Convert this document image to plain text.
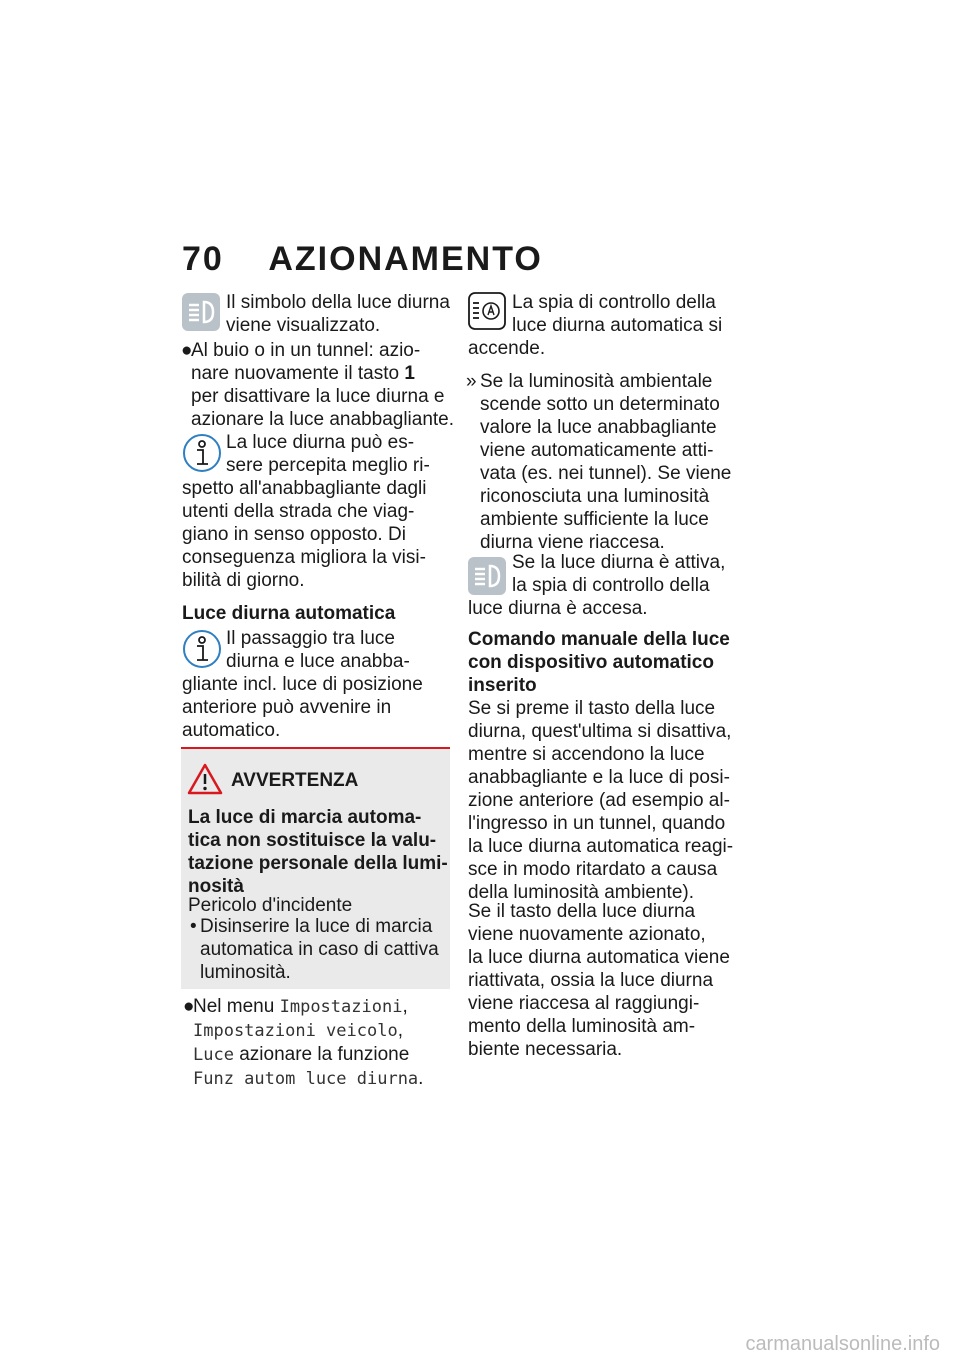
70 AZIONAMENTO
Il simbolo della luce diurna
viene visualizzato.
●
Al buio o in un tunnel: azio-
nare nuovamente il tasto 1
per disattivare la luce diurna e
azionare la luce anabbagliante.
La luce diurna può es-
sere percepita meglio ri-
spetto all'anabbagliante dagli
utenti della strada che viag-
giano in senso opposto. Di
conseguenza migliora la visi-
bilità di giorno.
Luce diurna automatica
Il passaggio tra luce
diurna e luce anabba-
gliante incl. luce di posizione
anteriore può avvenire in
automatico.
AVVERTENZA
La luce di marcia automa-
tica non sostituisce la valu-
tazione personale della lumi-
nosità
Pericolo d'incidente
• Disinserire la luce di marcia
automatica in caso di cattiva
luminosità.
●
Nel menu Impostazioni,
Impostazioni veicolo,
Luce azionare la funzione
Funz autom luce diurna.
La spia di controllo della
luce diurna automatica si
accende.
» Se la luminosità ambientale
scende sotto un determinato
valore la luce anabbagliante
viene automaticamente atti-
vata (es. nei tunnel). Se viene
riconosciuta una luminosità
ambiente sufficiente la luce
diurna viene riaccesa.
Se la luce diurna è attiva,
la spia di controllo della
luce diurna è accesa.
Comando manuale della luce
con dispositivo automatico
inserito
Se si preme il tasto della luce
diurna, quest'ultima si disattiva,
mentre si accendono la luce
anabbagliante e la luce di posi-
zione anteriore (ad esempio al-
l'ingresso in un tunnel, quando
la luce diurna automatica reagi-
sce in modo ritardato a causa
della luminosità ambiente).
Se il tasto della luce diurna
viene nuovamente azionato,
la luce diurna automatica viene
riattivata, ossia la luce diurna
viene riaccesa al raggiungi-
mento della luminosità am-
biente necessaria.
carmanualsonline.info
